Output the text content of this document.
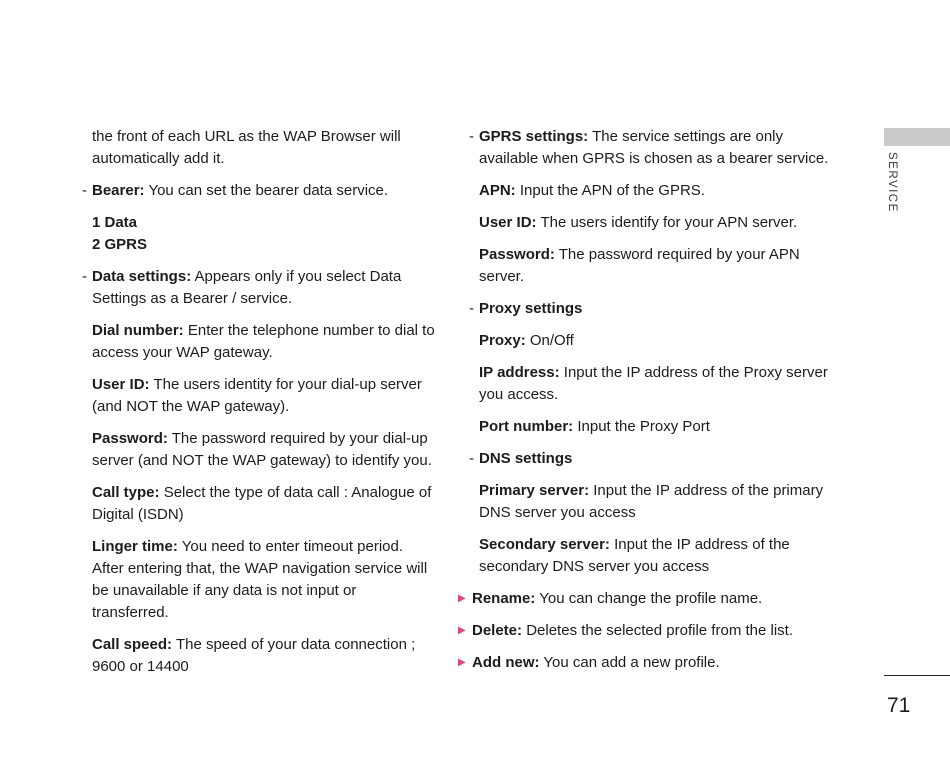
the front of each URL as the WAP Browser will automatically add it.
- Bearer: You can set the bearer data service.
1 Data
2 GPRS
- Data settings: Appears only if you select Data Settings as a Bearer / service.
Dial number: Enter the telephone number to dial to access your WAP gateway.
User ID: The users identity for your dial-up server (and NOT the WAP gateway).
Password: The password required by your dial-up server (and NOT the WAP gateway) to identify you.
Call type: Select the type of data call : Analogue of Digital (ISDN)
Linger time: You need to enter timeout period. After entering that, the WAP navigation service will be unavailable if any data is not input or transferred.
Call speed: The speed of your data connection ; 9600 or 14400
- GPRS settings: The service settings are only available when GPRS is chosen as a bearer service.
APN: Input the APN of the GPRS.
User ID: The users identify for your APN server.
Password: The password required by your APN server.
- Proxy settings
Proxy: On/Off
IP address: Input the IP address of the Proxy server you access.
Port number: Input the Proxy Port
- DNS settings
Primary server: Input the IP address of the primary DNS server you access
Secondary server: Input the IP address of the secondary DNS server you access
▶ Rename: You can change the profile name.
▶ Delete: Deletes the selected profile from the list.
▶ Add new: You can add a new profile.
SERVICE
71
